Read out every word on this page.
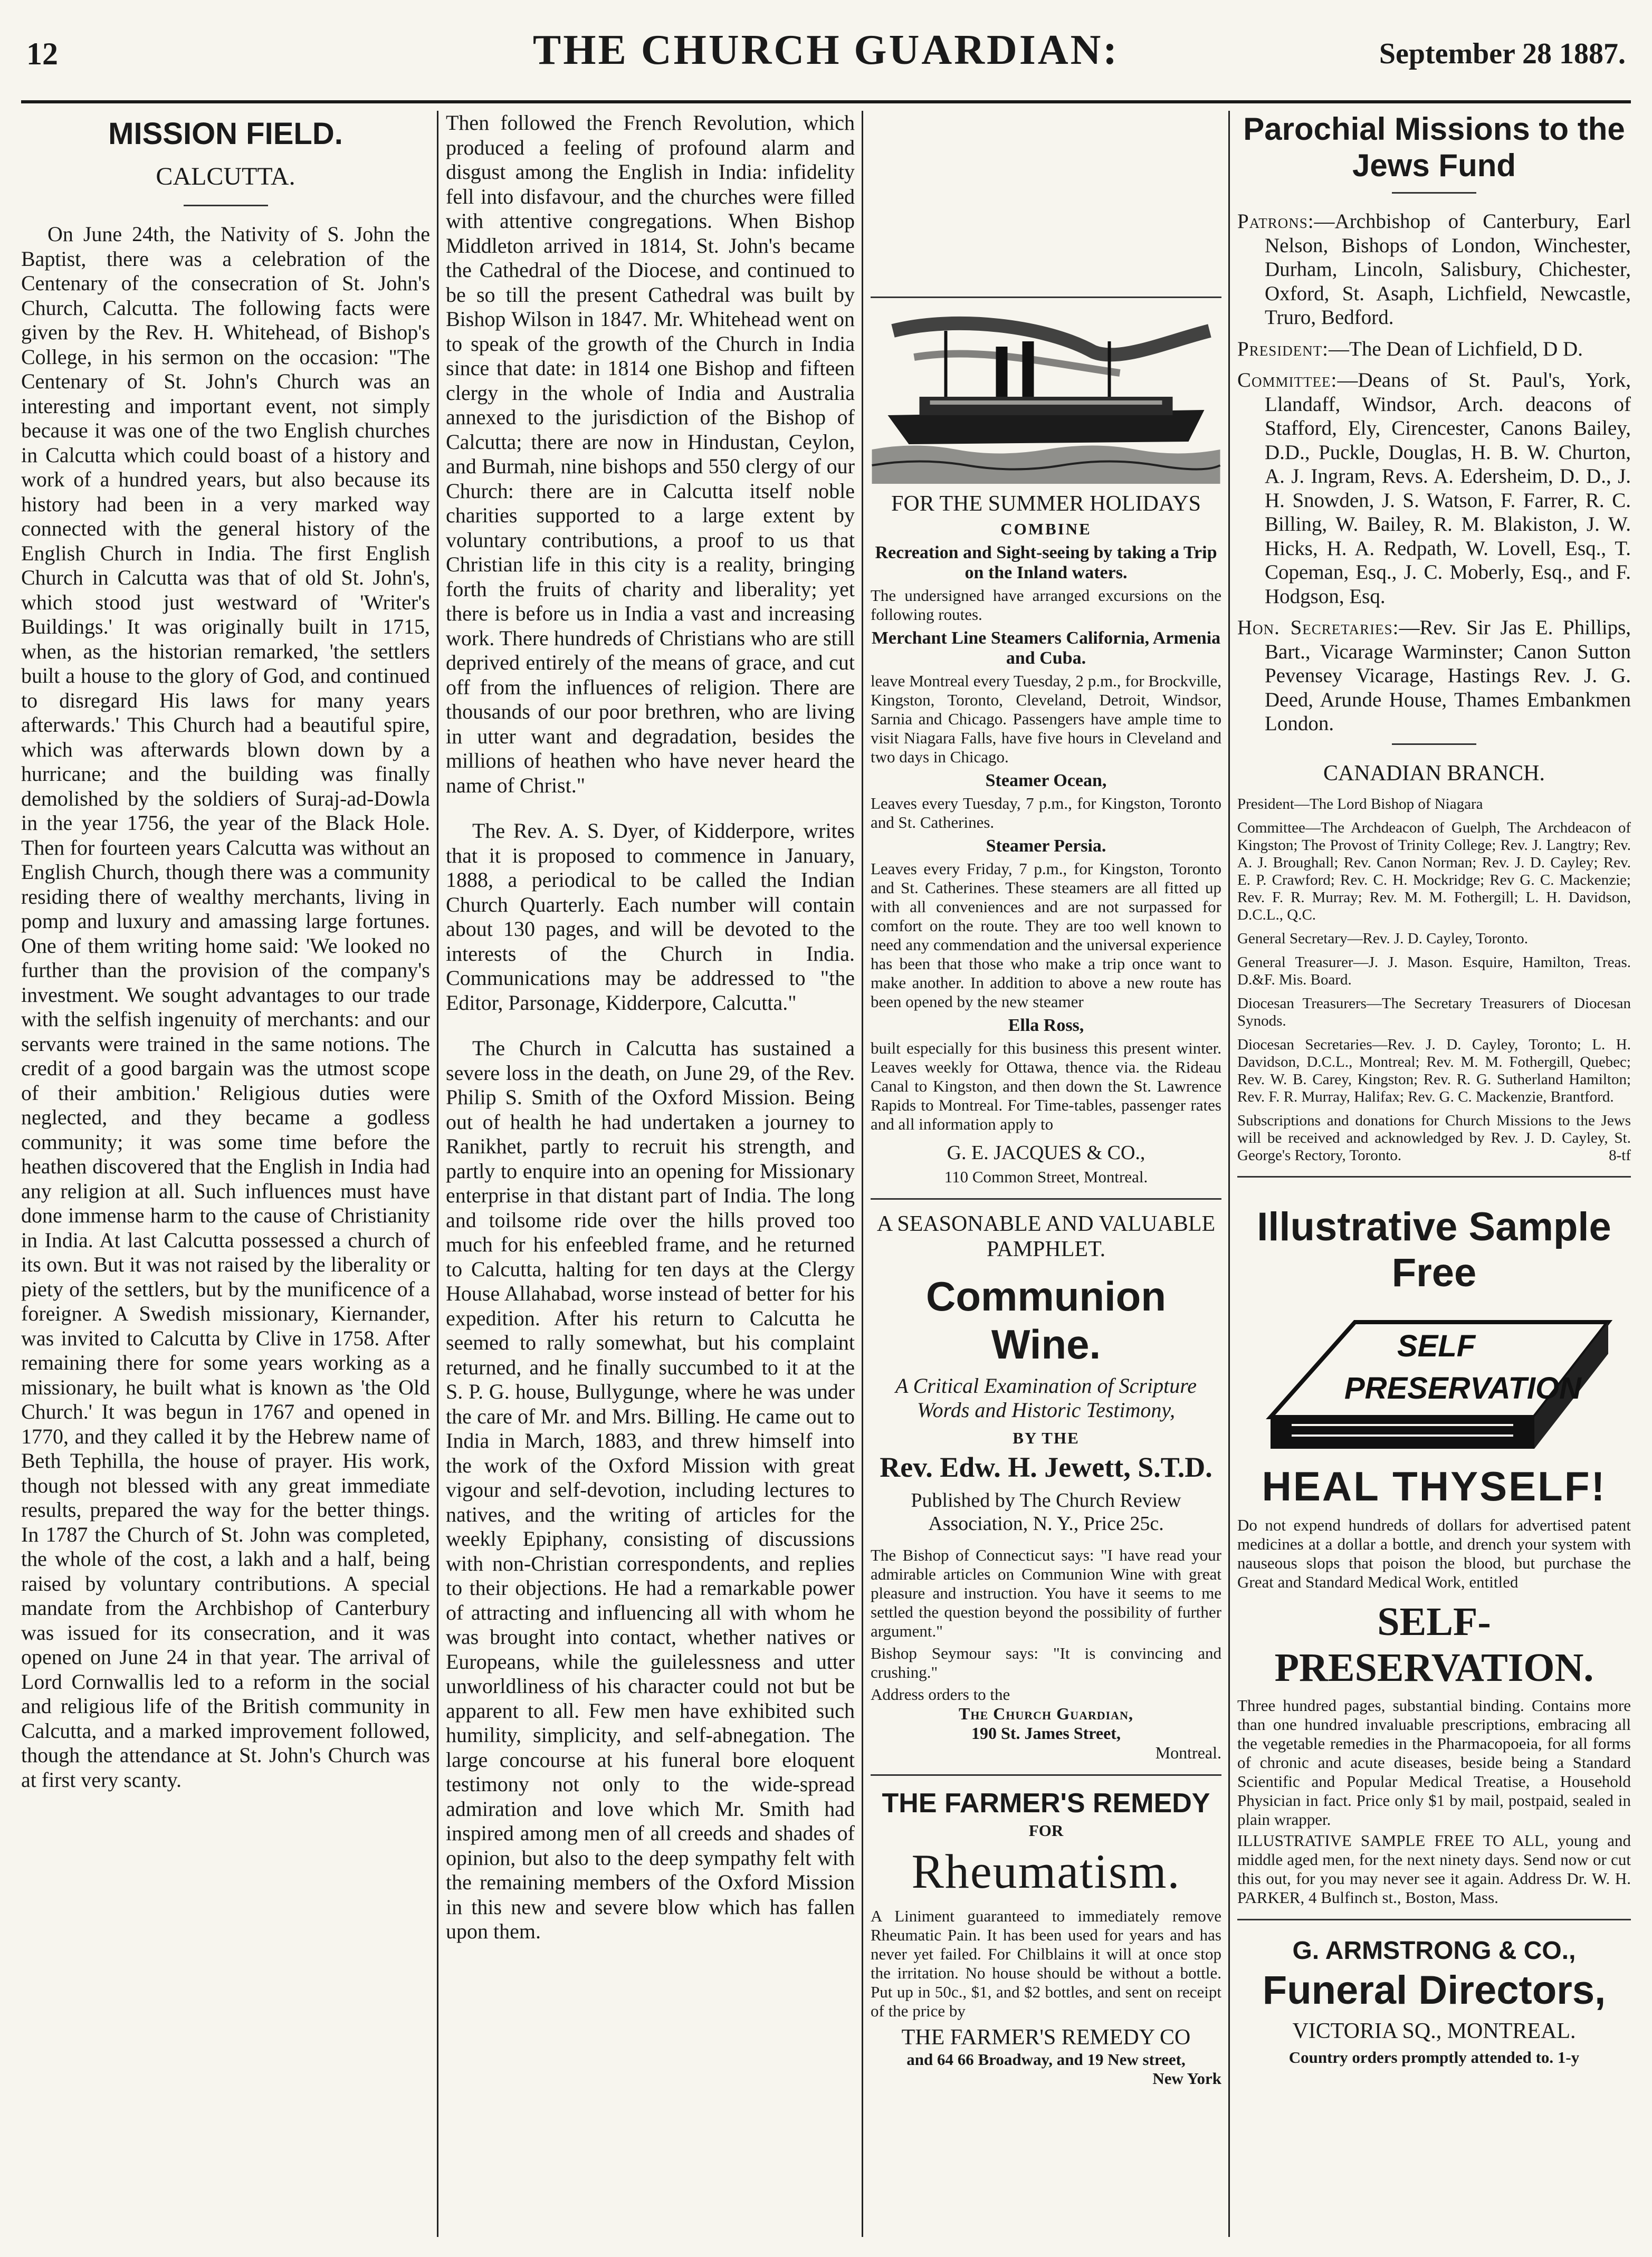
12	THE CHURCH GUARDIAN:	September 28 1887.
MISSION FIELD.
CALCUTTA.

On June 24th, the Nativity of S. John the Baptist, there was a celebration of the Centenary of the consecration of St. John's Church, Calcutta. The following facts were given by the Rev. H. Whitehead, of Bishop's College, in his sermon on the occasion: "The Centenary of St. John's Church was an interesting and important event, not simply because it was one of the two English churches in Calcutta which could boast of a history and work of a hundred years, but also because its history had been in a very marked way connected with the general history of the English Church in India. The first English Church in Calcutta was that of old St. John's, which stood just westward of 'Writer's Buildings.' It was originally built in 1715, when, as the historian remarked, 'the settlers built a house to the glory of God, and continued to disregard His laws for many years afterwards.' This Church had a beautiful spire, which was afterwards blown down by a hurricane; and the building was finally demolished by the soldiers of Suraj-ad-Dowla in the year 1756, the year of the Black Hole. Then for fourteen years Calcutta was without an English Church, though there was a community residing there of wealthy merchants, living in pomp and luxury and amassing large fortunes. One of them writing home said: 'We looked no further than the provision of the company's investment. We sought advantages to our trade with the selfish ingenuity of merchants: and our servants were trained in the same notions. The credit of a good bargain was the utmost scope of their ambition.' Religious duties were neglected, and they became a godless community; it was some time before the heathen discovered that the English in India had any religion at all. Such influences must have done immense harm to the cause of Christianity in India. At last Calcutta possessed a church of its own. But it was not raised by the liberality or piety of the settlers, but by the munificence of a foreigner. A Swedish missionary, Kiernander, was invited to Calcutta by Clive in 1758. After remaining there for some years working as a missionary, he built what is known as 'the Old Church.' It was begun in 1767 and opened in 1770, and they called it by the Hebrew name of Beth Tephilla, the house of prayer. His work, though not blessed with any great immediate results, prepared the way for the better things. In 1787 the Church of St. John was completed, the whole of the cost, a lakh and a half, being raised by voluntary contributions. A special mandate from the Archbishop of Canterbury was issued for its consecration, and it was opened on June 24 in that year. The arrival of Lord Cornwallis led to a reform in the social and religious life of the British community in Calcutta, and a marked improvement followed, though the attendance at St. John's Church was at first very scanty.

Then followed the French Revolution, which produced a feeling of profound alarm and disgust among the English in India: infidelity fell into disfavour, and the churches were filled with attentive congregations. When Bishop Middleton arrived in 1814, St. John's became the Cathedral of the Diocese, and continued to be so till the present Cathedral was built by Bishop Wilson in 1847. Mr. Whitehead went on to speak of the growth of the Church in India since that date: in 1814 one Bishop and fifteen clergy in the whole of India and Australia annexed to the jurisdiction of the Bishop of Calcutta; there are now in Hindustan, Ceylon, and Burmah, nine bishops and 550 clergy of our Church: there are in Calcutta itself noble charities supported to a large extent by voluntary contributions, a proof to us that Christian life in this city is a reality, bringing forth the fruits of charity and liberality; yet there is before us in India a vast and increasing work. There hundreds of Christians who are still deprived entirely of the means of grace, and cut off from the influences of religion. There are thousands of our poor brethren, who are living in utter want and degradation, besides the millions of heathen who have never heard the name of Christ."

The Rev. A. S. Dyer, of Kidderpore, writes that it is proposed to commence in January, 1888, a periodical to be called the Indian Church Quarterly. Each number will contain about 130 pages, and will be devoted to the interests of the Church in India. Communications may be addressed to "the Editor, Parsonage, Kidderpore, Calcutta."

The Church in Calcutta has sustained a severe loss in the death, on June 29, of the Rev. Philip S. Smith of the Oxford Mission. Being out of health he had undertaken a journey to Ranikhet, partly to recruit his strength, and partly to enquire into an opening for Missionary enterprise in that distant part of India. The long and toilsome ride over the hills proved too much for his enfeebled frame, and he returned to Calcutta, halting for ten days at the Clergy House Allahabad, worse instead of better for his expedition. After his return to Calcutta he seemed to rally somewhat, but his complaint returned, and he finally succumbed to it at the S. P. G. house, Bullygunge, where he was under the care of Mr. and Mrs. Billing. He came out to India in March, 1883, and threw himself into the work of the Oxford Mission with great vigour and self-devotion, including lectures to natives, and the writing of articles for the weekly Epiphany, consisting of discussions with non-Christian correspondents, and replies to their objections. He had a remarkable power of attracting and influencing all with whom he was brought into contact, whether natives or Europeans, while the guilelessness and utter unworldliness of his character could not but be apparent to all. Few men have exhibited such humility, simplicity, and self-abnegation. The large concourse at his funeral bore eloquent testimony not only to the wide-spread admiration and love which Mr. Smith had inspired among men of all creeds and shades of opinion, but also to the deep sympathy felt with the remaining members of the Oxford Mission in this new and severe blow which has fallen upon them.

FOR THE SUMMER HOLIDAYS
COMBINE
Recreation and Sight-seeing by taking a Trip on the Inland waters.

The undersigned have arranged excursions on the following routes.

Merchant Line Steamers California, Armenia and Cuba.

leave Montreal every Tuesday, 2 p.m., for Brockville, Kingston, Toronto, Cleveland, Detroit, Windsor, Sarnia and Chicago. Passengers have ample time to visit Niagara Falls, have five hours in Cleveland and two days in Chicago.

Steamer Ocean,

Leaves every Tuesday, 7 p.m., for Kingston, Toronto and St. Catherines.

Steamer Persia.

Leaves every Friday, 7 p.m., for Kingston, Toronto and St. Catherines. These steamers are all fitted up with all conveniences and are not surpassed for comfort on the route. They are too well known to need any commendation and the universal experience has been that those who make a trip once want to make another. In addition to above a new route has been opened by the new steamer

Ella Ross,

built especially for this business this present winter. Leaves weekly for Ottawa, thence via. the Rideau Canal to Kingston, and then down the St. Lawrence Rapids to Montreal. For Time-tables, passenger rates and all information apply to

G. E. JACQUES & CO.,
110 Common Street, Montreal.
A SEASONABLE AND VALUABLE PAMPHLET.
Communion Wine.

A Critical Examination of Scripture Words and Historic Testimony,

BY THE
Rev. Edw. H. Jewett, S.T.D.

Published by The Church Review Association, N. Y., Price 25c.

The Bishop of Connecticut says: "I have read your admirable articles on Communion Wine with great pleasure and instruction. You have it seems to me settled the question beyond the possibility of further argument."

Bishop Seymour says: "It is convincing and crushing."

Address orders to the

The Church Guardian,
190 St. James Street,
Montreal.
THE FARMER'S REMEDY
FOR
Rheumatism.

A Liniment guaranteed to immediately remove Rheumatic Pain. It has been used for years and has never yet failed. For Chilblains it will at once stop the irritation. No house should be without a bottle. Put up in 50c., $1, and $2 bottles, and sent on receipt of the price by

THE FARMER'S REMEDY CO
and 64 66 Broadway, and 19 New street,
New York
Parochial Missions to the Jews Fund

Patrons:—Archbishop of Canterbury, Earl Nelson, Bishops of London, Winchester, Durham, Lincoln, Salisbury, Chichester, Oxford, St. Asaph, Lichfield, Newcastle, Truro, Bedford.

President:—The Dean of Lichfield, D D.

Committee:—Deans of St. Paul's, York, Llandaff, Windsor, Arch. deacons of Stafford, Ely, Cirencester, Canons Bailey, D.D., Puckle, Douglas, H. B. W. Churton, A. J. Ingram, Revs. A. Edersheim, D. D., J. H. Snowden, J. S. Watson, F. Farrer, R. C. Billing, W. Bailey, R. M. Blakiston, J. W. Hicks, H. A. Redpath, W. Lovell, Esq., T. Copeman, Esq., J. C. Moberly, Esq., and F. Hodgson, Esq.

Hon. Secretaries:—Rev. Sir Jas E. Phillips, Bart., Vicarage Warminster; Canon Sutton Pevensey Vicarage, Hastings Rev. J. G. Deed, Arunde House, Thames Embankmen London.

CANADIAN BRANCH.

President—The Lord Bishop of Niagara

Committee—The Archdeacon of Guelph, The Archdeacon of Kingston; The Provost of Trinity College; Rev. J. Langtry; Rev. A. J. Broughall; Rev. Canon Norman; Rev. J. D. Cayley; Rev. E. P. Crawford; Rev. C. H. Mockridge; Rev G. C. Mackenzie; Rev. F. R. Murray; Rev. M. M. Fothergill; L. H. Davidson, D.C.L., Q.C.

General Secretary—Rev. J. D. Cayley, Toronto.

General Treasurer—J. J. Mason. Esquire, Hamilton, Treas. D.&F. Mis. Board.

Diocesan Treasurers—The Secretary Treasurers of Diocesan Synods.

Diocesan Secretaries—Rev. J. D. Cayley, Toronto; L. H. Davidson, D.C.L., Montreal; Rev. M. M. Fothergill, Quebec; Rev. W. B. Carey, Kingston; Rev. R. G. Sutherland Hamilton; Rev. F. R. Murray, Halifax; Rev. G. C. Mackenzie, Brantford.

Subscriptions and donations for Church Missions to the Jews will be received and acknowledged by Rev. J. D. Cayley, St. George's Rectory, Toronto.	8-tf

Illustrative Sample Free
SELF
PRESERVATION
HEAL THYSELF!

Do not expend hundreds of dollars for advertised patent medicines at a dollar a bottle, and drench your system with nauseous slops that poison the blood, but purchase the Great and Standard Medical Work, entitled

SELF-PRESERVATION.

Three hundred pages, substantial binding. Contains more than one hundred invaluable prescriptions, embracing all the vegetable remedies in the Pharmacopoeia, for all forms of chronic and acute diseases, beside being a Standard Scientific and Popular Medical Treatise, a Household Physician in fact. Price only $1 by mail, postpaid, sealed in plain wrapper.

ILLUSTRATIVE SAMPLE FREE TO ALL, young and middle aged men, for the next ninety days. Send now or cut this out, for you may never see it again. Address Dr. W. H. PARKER, 4 Bulfinch st., Boston, Mass.

G. ARMSTRONG & CO.,
Funeral Directors,
VICTORIA SQ., MONTREAL.
Country orders promptly attended to. 1-y
